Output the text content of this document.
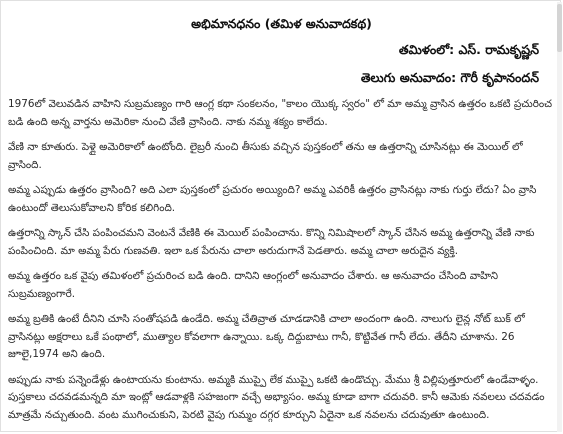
అభిమానధనం (తమిళ అనువాదకథ)
తమిళంలో: ఎస్. రామకృష్ణన్
తెలుగు అనువాదం: గౌరీ కృపానందన్

1976లో వెలువడిన వాహిని సుబ్రమణ్యం గారి ఆంగ్ల కథా సంకలనం, "కాలం యొక్క స్వరం" లో మా అమ్మ వ్రాసిన ఉత్తరం ఒకటి ప్రచురించ బడి ఉంది అన్న వార్తను అమెరికా నుంచి వేణి వ్రాసింది. నాకు నమ్మ శక్యం కాలేదు.

వేణి నా కూతురు. పెళ్లై అమెరికాలో ఉంటోంది. లైబ్రరీ నుంచి తీసుకు వచ్చిన పుస్తకంలో తను ఆ ఉత్తరాన్ని చూసినట్లు ఈ మెయిల్ లో వ్రాసింది.

అమ్మ ఎప్పుడు ఉత్తరం వ్రాసింది? అది ఎలా పుస్తకంలో ప్రచురం అయ్యింది? అమ్మ ఎవరికీ ఉత్తరం వ్రాసినట్లు నాకు గుర్తు లేదు? ఏం వ్రాసి ఉంటుందో తెలుసుకోవాలని కోరిక కలిగింది.

ఉత్తరాన్ని స్కాన్ చేసి పంపించమని వెంటనే వేణికి ఈ మెయిల్ పంపించాను. కొన్ని నిమిషాలలో స్కాన్ చేసిన అమ్మ ఉత్తరాన్ని వేణి నాకు పంపించింది. మా అమ్మ పేరు గుణవతి. ఇలా ఒక పేరును చాలా అరుదుగానే పెడతారు. అమ్మ చాలా అరుదైన వ్యక్తి.

అమ్మ ఉత్తరం ఒక వైపు తమిళంలో ప్రచురించ బడి ఉంది. దానిని ఆంగ్లంలో అనువాదం చేశారు. ఆ అనువాదం చేసింది వాహిని సుబ్రమణ్యంగారే.

అమ్మ బ్రతికి ఉంటే దీనిని చూసి సంతోషపడి ఉండేది. అమ్మ చేతివ్రాత చూడడానికి చాలా అందంగా ఉంది. నాలుగు లైన్ల నోట్ బుక్ లో వ్రాసినట్లు అక్షరాలు ఒకే పంథాలో, ముత్యాల కోవలాగా ఉన్నాయి. ఒక్క దిద్దుబాటు గానీ, కొట్టివేత గానీ లేదు. తేదీని చూశాను. 26 జూలై,1974 అని ఉంది.

అప్పుడు నాకు పన్నెండేళ్లు ఉంటాయను కుంటాను. అమ్మకి ముప్పై లేక ముప్పై ఒకటి ఉండొచ్చు. మేము శ్రీ విల్లిపుత్తూరులో ఉండేవాళ్ళం. పుస్తకాలు చదవడమన్నది మా ఇంట్లో ఆడవాళ్లకి సహజంగా వచ్చే అభ్యాసం. అమ్మ కూడా బాగా చదువరి. కానీ ఆమెకు నవలలు చదవడం మాత్రమే నచ్చుతుంది. వంట ముగించుకుని, పెరటి వైపు గుమ్మం దగ్గర కూర్చుని ఏదైనా ఒక నవలను చదువుతూ ఉంటుంది.
